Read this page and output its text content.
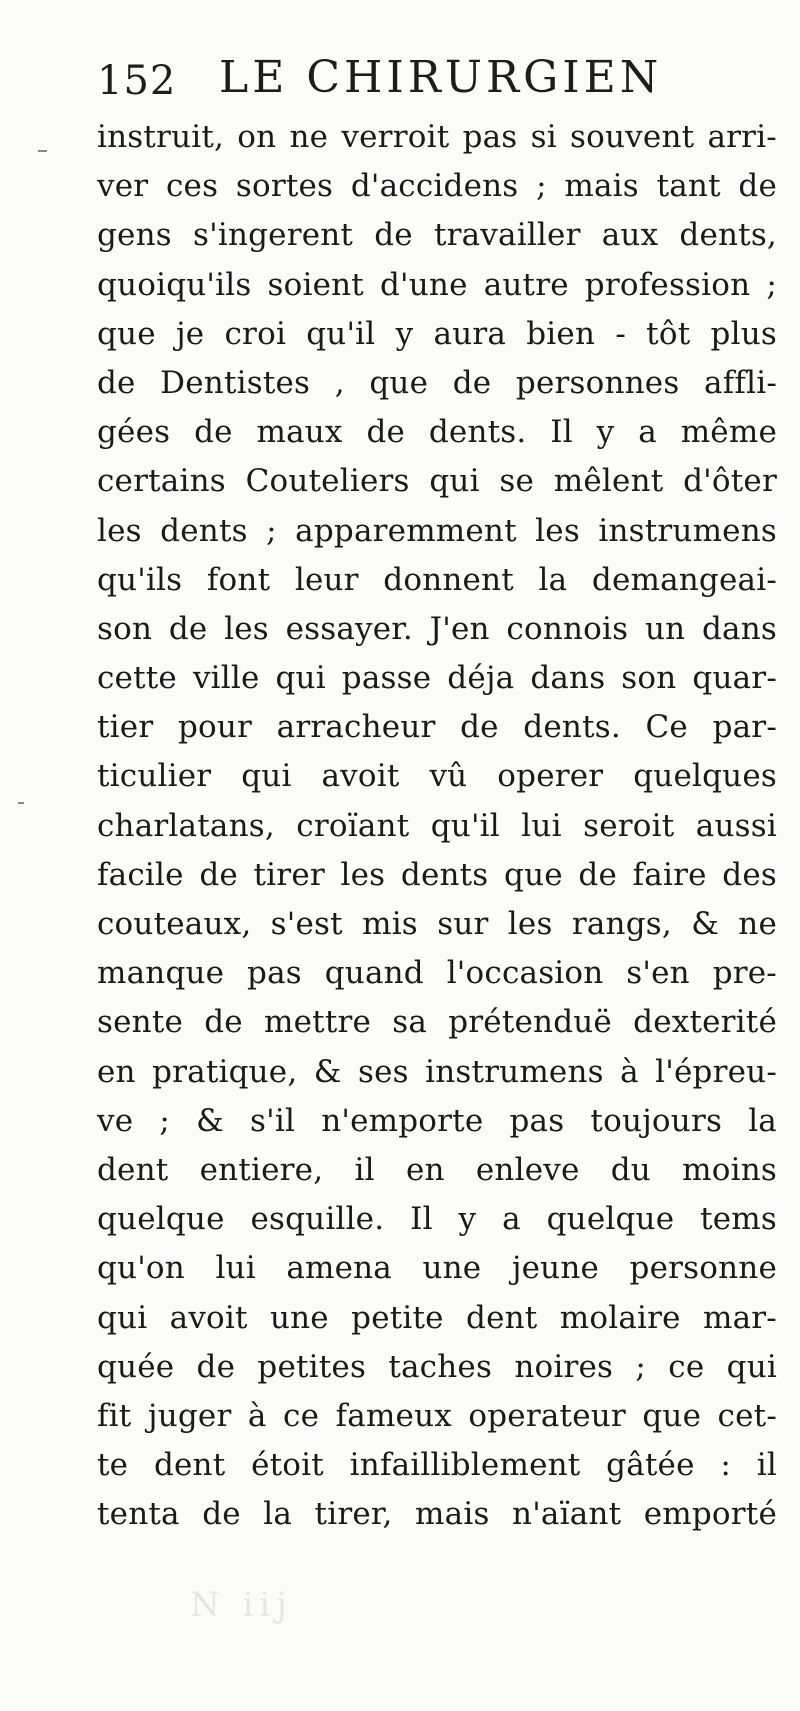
152 LE CHIRURGIEN
instruit, on ne verroit pas si souvent arri-
ver ces sortes d'accidens ; mais tant de
gens s'ingerent de travailler aux dents,
quoiqu'ils soient d'une autre profession ;
que je croi qu'il y aura bien - tôt plus
de Dentistes , que de personnes affli-
gées de maux de dents. Il y a même
certains Couteliers qui se mêlent d'ôter
les dents ; apparemment les instrumens
qu'ils font leur donnent la demangeai-
son de les essayer. J'en connois un dans
cette ville qui passe déja dans son quar-
tier pour arracheur de dents. Ce par-
ticulier qui avoit vû operer quelques
charlatans, croïant qu'il lui seroit aussi
facile de tirer les dents que de faire des
couteaux, s'est mis sur les rangs, & ne
manque pas quand l'occasion s'en pre-
sente de mettre sa prétenduë dexterité
en pratique, & ses instrumens à l'épreu-
ve ; & s'il n'emporte pas toujours la
dent entiere, il en enleve du moins
quelque esquille. Il y a quelque tems
qu'on lui amena une jeune personne
qui avoit une petite dent molaire mar-
quée de petites taches noires ; ce qui
fit juger à ce fameux operateur que cet-
te dent étoit infailliblement gâtée : il
tenta de la tirer, mais n'aïant emporté
N iij
